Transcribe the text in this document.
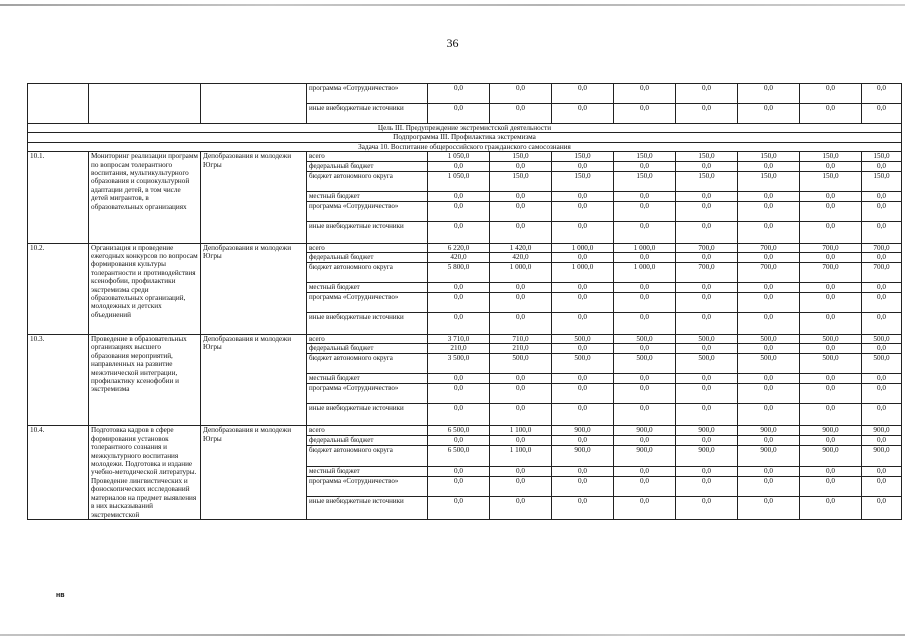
36
			программа «Сотрудничество»	0,0	0,0	0,0	0,0	0,0	0,0	0,0	0,0
			иные внебюджетные источники	0,0	0,0	0,0	0,0	0,0	0,0	0,0	0,0
Цель III. Предупреждение экстремистской деятельности											
Подпрограмма III. Профилактика экстремизма											
Задача 10. Воспитание общероссийского гражданского самосознания											
10.1.	Мониторинг реализации программ по вопросам толерантного воспитания, мультикультурного образования и социокультурной адаптации детей, в том числе детей мигрантов, в образовательных организациях	Депобразования и молодежи Югры	всего	1 050,0	150,0	150,0	150,0	150,0	150,0	150,0	150,0
			федеральный бюджет	0,0	0,0	0,0	0,0	0,0	0,0	0,0	0,0
			бюджет автономного округа	1 050,0	150,0	150,0	150,0	150,0	150,0	150,0	150,0
			местный бюджет	0,0	0,0	0,0	0,0	0,0	0,0	0,0	0,0
			программа «Сотрудничество»	0,0	0,0	0,0	0,0	0,0	0,0	0,0	0,0
			иные внебюджетные источники	0,0	0,0	0,0	0,0	0,0	0,0	0,0	0,0
10.2.	Организация и проведение ежегодных конкурсов по вопросам формирования культуры толерантности и противодействия ксенофобии, профилактики экстремизма среди образовательных организаций, молодежных и детских объединений	Депобразования и молодежи Югры	всего	6 220,0	1 420,0	1 000,0	1 000,0	700,0	700,0	700,0	700,0
			федеральный бюджет	420,0	420,0	0,0	0,0	0,0	0,0	0,0	0,0
			бюджет автономного округа	5 800,0	1 000,0	1 000,0	1 000,0	700,0	700,0	700,0	700,0
			местный бюджет	0,0	0,0	0,0	0,0	0,0	0,0	0,0	0,0
			программа «Сотрудничество»	0,0	0,0	0,0	0,0	0,0	0,0	0,0	0,0
			иные внебюджетные источники	0,0	0,0	0,0	0,0	0,0	0,0	0,0	0,0
10.3.	Проведение в образовательных организациях высшего образования мероприятий, направленных на развитие межэтнической интеграции, профилактику ксенофобии и экстремизма	Депобразования и молодежи Югры	всего	3 710,0	710,0	500,0	500,0	500,0	500,0	500,0	500,0
			федеральный бюджет	210,0	210,0	0,0	0,0	0,0	0,0	0,0	0,0
			бюджет автономного округа	3 500,0	500,0	500,0	500,0	500,0	500,0	500,0	500,0
			местный бюджет	0,0	0,0	0,0	0,0	0,0	0,0	0,0	0,0
			программа «Сотрудничество»	0,0	0,0	0,0	0,0	0,0	0,0	0,0	0,0
			иные внебюджетные источники	0,0	0,0	0,0	0,0	0,0	0,0	0,0	0,0
10.4.	Подготовка кадров в сфере формирования установок толерантного сознания и межкультурного воспитания молодежи. Подготовка и издание учебно-методической литературы. Проведение лингвистических и фоноскопических исследований материалов на предмет выявления в них высказываний экстремистской	Депобразования и молодежи Югры	всего	6 500,0	1 100,0	900,0	900,0	900,0	900,0	900,0	900,0
			федеральный бюджет	0,0	0,0	0,0	0,0	0,0	0,0	0,0	0,0
			бюджет автономного округа	6 500,0	1 100,0	900,0	900,0	900,0	900,0	900,0	900,0
			местный бюджет	0,0	0,0	0,0	0,0	0,0	0,0	0,0	0,0
			программа «Сотрудничество»	0,0	0,0	0,0	0,0	0,0	0,0	0,0	0,0
			иные внебюджетные источники	0,0	0,0	0,0	0,0	0,0	0,0	0,0	0,0
нв
